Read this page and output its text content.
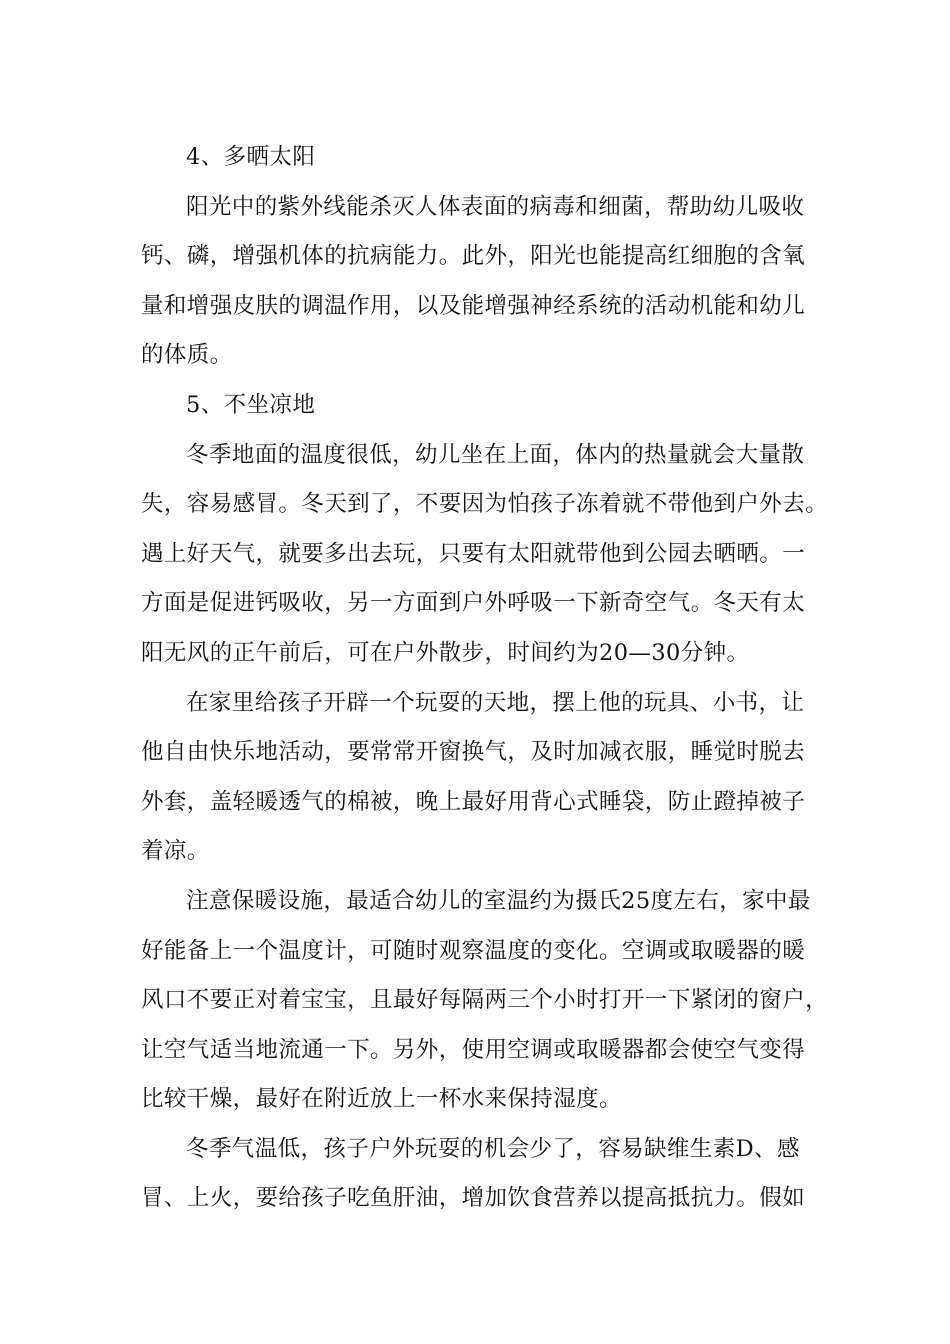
4、多晒太阳
阳光中的紫外线能杀灭人体表面的病毒和细菌，帮助幼儿吸收
钙、磷，增强机体的抗病能力。此外，阳光也能提高红细胞的含氧
量和增强皮肤的调温作用，以及能增强神经系统的活动机能和幼儿
的体质。
5、不坐凉地
冬季地面的温度很低，幼儿坐在上面，体内的热量就会大量散
失，容易感冒。冬天到了，不要因为怕孩子冻着就不带他到户外去。
遇上好天气，就要多出去玩，只要有太阳就带他到公园去晒晒。一
方面是促进钙吸收，另一方面到户外呼吸一下新奇空气。冬天有太
阳无风的正午前后，可在户外散步，时间约为20—30分钟。
在家里给孩子开辟一个玩耍的天地，摆上他的玩具、小书，让
他自由快乐地活动，要常常开窗换气，及时加减衣服，睡觉时脱去
外套，盖轻暖透气的棉被，晚上最好用背心式睡袋，防止蹬掉被子
着凉。
注意保暖设施，最适合幼儿的室温约为摄氏25度左右，家中最
好能备上一个温度计，可随时观察温度的变化。空调或取暖器的暖
风口不要正对着宝宝，且最好每隔两三个小时打开一下紧闭的窗户，
让空气适当地流通一下。另外，使用空调或取暖器都会使空气变得
比较干燥，最好在附近放上一杯水来保持湿度。
冬季气温低，孩子户外玩耍的机会少了，容易缺维生素D、感
冒、上火，要给孩子吃鱼肝油，增加饮食营养以提高抵抗力。假如
